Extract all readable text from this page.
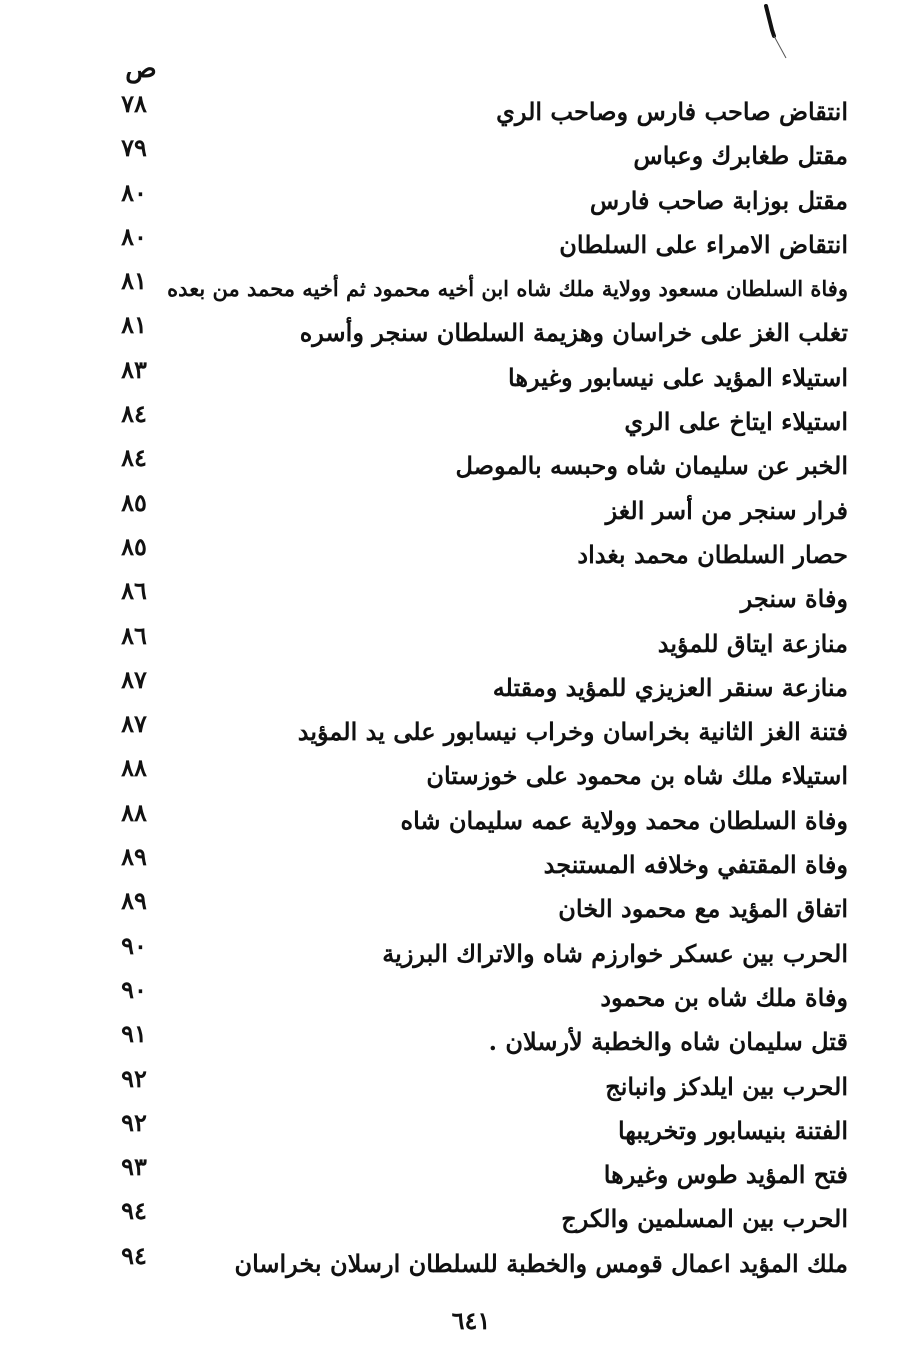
ص
انتقاض صاحب فارس وصاحب الري
٧٨
مقتل طغابرك وعباس
٧٩
مقتل بوزابة صاحب فارس
٨٠
انتقاض الامراء على السلطان
٨٠
وفاة السلطان مسعود وولاية ملك شاه ابن أخيه محمود ثم أخيه محمد من بعده
٨١
تغلب الغز على خراسان وهزيمة السلطان سنجر وأسره
٨١
استيلاء المؤيد على نيسابور وغيرها
٨٣
استيلاء ايتاخ على الري
٨٤
الخبر عن سليمان شاه وحبسه بالموصل
٨٤
فرار سنجر من أسر الغز
٨٥
حصار السلطان محمد بغداد
٨٥
وفاة سنجر
٨٦
منازعة ايتاق للمؤيد
٨٦
منازعة سنقر العزيزي للمؤيد ومقتله
٨٧
فتنة الغز الثانية بخراسان وخراب نيسابور على يد المؤيد
٨٧
استيلاء ملك شاه بن محمود على خوزستان
٨٨
وفاة السلطان محمد وولاية عمه سليمان شاه
٨٨
وفاة المقتفي وخلافه المستنجد
٨٩
اتفاق المؤيد مع محمود الخان
٨٩
الحرب بين عسكر خوارزم شاه والاتراك البرزية
٩٠
وفاة ملك شاه بن محمود
٩٠
قتل سليمان شاه والخطبة لأرسلان .
٩١
الحرب بين ايلدكز وانبانج
٩٢
الفتنة بنيسابور وتخريبها
٩٢
فتح المؤيد طوس وغيرها
٩٣
الحرب بين المسلمين والكرج
٩٤
ملك المؤيد اعمال قومس والخطبة للسلطان ارسلان بخراسان
٩٤
٦٤١
